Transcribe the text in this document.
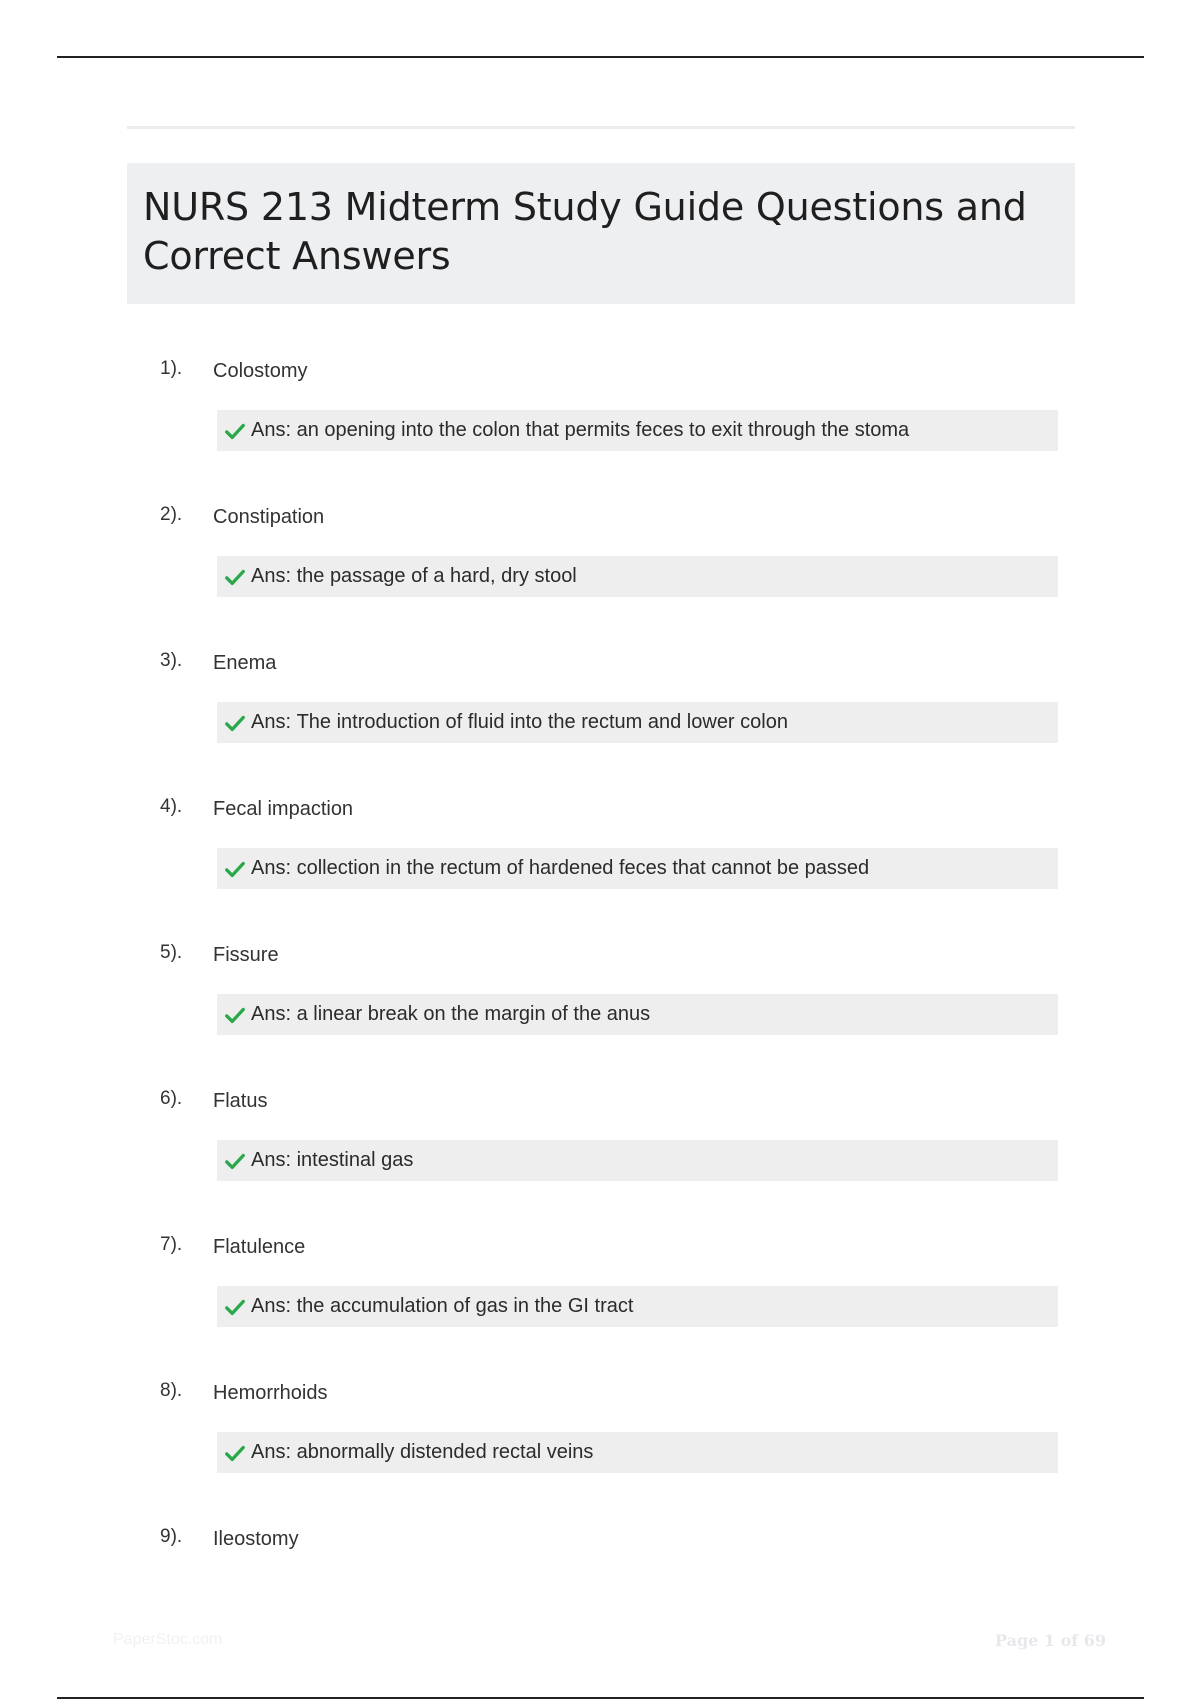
NURS 213 Midterm Study Guide Questions and Correct Answers
1). Colostomy
Ans: an opening into the colon that permits feces to exit through the stoma
2). Constipation
Ans: the passage of a hard, dry stool
3). Enema
Ans: The introduction of fluid into the rectum and lower colon
4). Fecal impaction
Ans: collection in the rectum of hardened feces that cannot be passed
5). Fissure
Ans: a linear break on the margin of the anus
6). Flatus
Ans: intestinal gas
7). Flatulence
Ans: the accumulation of gas in the GI tract
8). Hemorrhoids
Ans: abnormally distended rectal veins
9). Ileostomy
PaperStoc.com	Page 1 of 69
